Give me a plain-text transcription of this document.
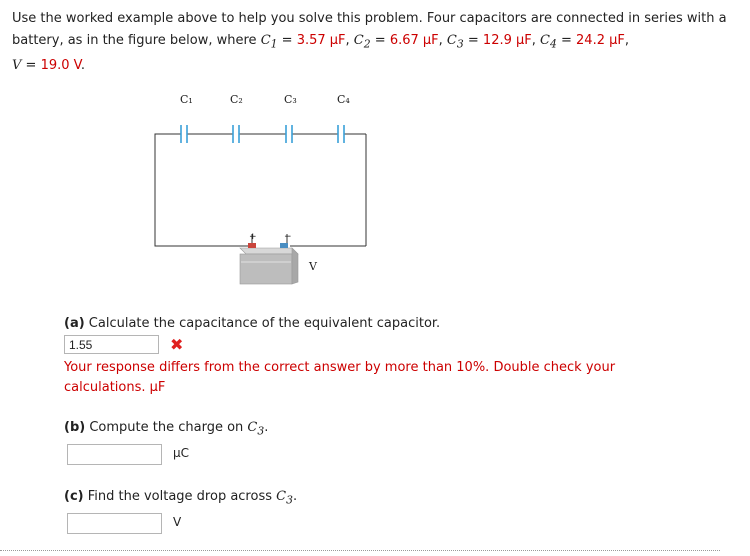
Use the worked example above to help you solve this problem. Four capacitors are connected in series with a battery, as in the figure below, where $C_1 = 3.57$ µF, $C_2 = 6.67$ µF, $C_3 = 12.9$ µF, $C_4 = 24.2$ µF,
V = 19.0 V.
C₁	C₂	C₃	C₄
+	−
V
(a) Calculate the capacitance of the equivalent capacitor.
1.55	✖
Your response differs from the correct answer by more than 10%. Double check your calculations. µF
(b) Compute the charge on $C_3$.
µC
(c) Find the voltage drop across $C_3$.
V
